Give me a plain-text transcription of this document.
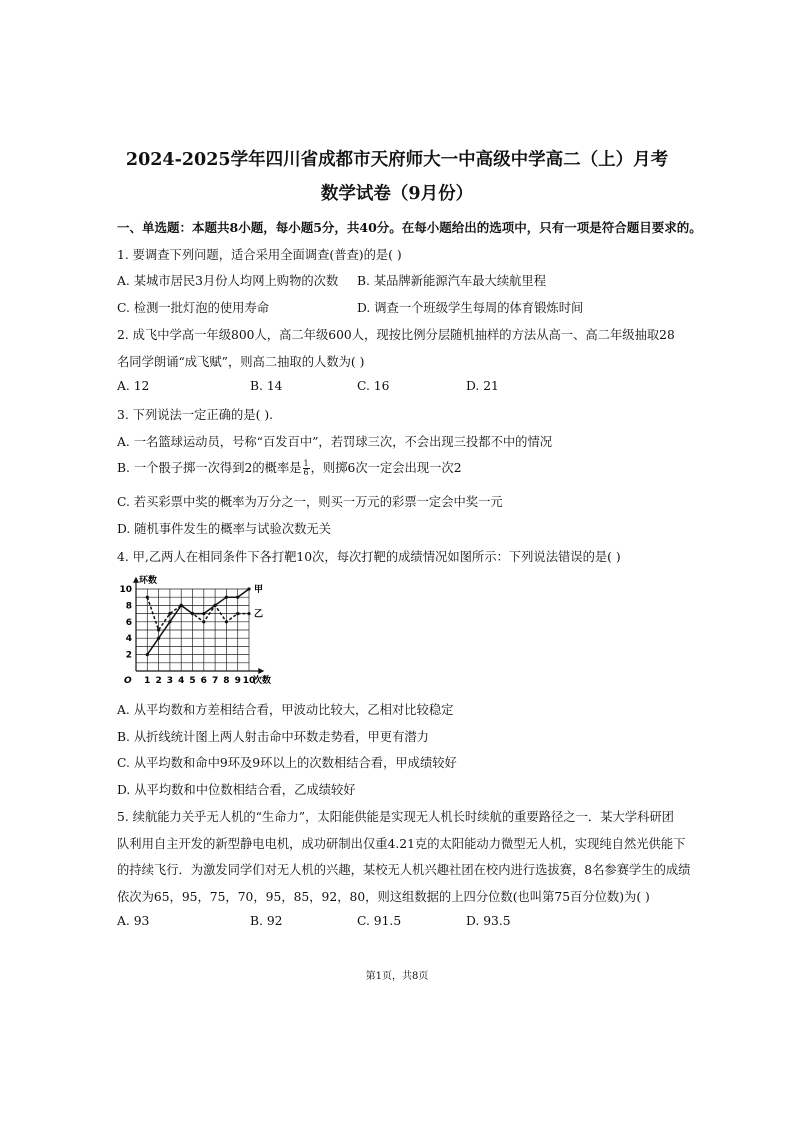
2024-2025学年四川省成都市天府师大一中高级中学高二（上）月考
数学试卷（9月份）
一、单选题：本题共8小题，每小题5分，共40分。在每小题给出的选项中，只有一项是符合题目要求的。
1. 要调查下列问题，适合采用全面调查(普查)的是( )
A. 某城市居民3月份人均网上购物的次数 B. 某品牌新能源汽车最大续航里程
C. 检测一批灯泡的使用寿命	D. 调查一个班级学生每周的体育锻炼时间
2. 成飞中学高一年级800人，高二年级600人，现按比例分层随机抽样的方法从高一、高二年级抽取28
名同学朗诵“成飞赋”，则高二抽取的人数为( )
A. 12	B. 14	C. 16	D. 21
3. 下列说法一定正确的是( ).
A. 一名篮球运动员，号称“百发百中”，若罚球三次，不会出现三投都不中的情况
B. 一个骰子掷一次得到2的概率是 $\frac{1}{6}$ ，则掷6次一定会出现一次2
C. 若买彩票中奖的概率为万分之一，则买一万元的彩票一定会中奖一元
D. 随机事件发生的概率与试验次数无关
4. 甲,乙两人在相同条件下各打靶10次，每次打靶的成绩情况如图所示：下列说法错误的是( )
1 2 3 4 5 6 7 8 9 10
2
4
6
8
10
O	次数
环数
甲
乙
A. 从平均数和方差相结合看，甲波动比较大，乙相对比较稳定
B. 从折线统计图上两人射击命中环数走势看，甲更有潜力
C. 从平均数和命中9环及9环以上的次数相结合看，甲成绩较好
D. 从平均数和中位数相结合看，乙成绩较好
5. 续航能力关乎无人机的“生命力”，太阳能供能是实现无人机长时续航的重要路径之一．某大学科研团
队利用自主开发的新型静电电机，成功研制出仅重4.21克的太阳能动力微型无人机，实现纯自然光供能下
的持续飞行．为激发同学们对无人机的兴趣，某校无人机兴趣社团在校内进行选拔赛，8名参赛学生的成绩
依次为65，95，75，70，95，85，92，80，则这组数据的上四分位数(也叫第75百分位数)为( )
A. 93	B. 92	C. 91.5	D. 93.5
第1页，共8页
